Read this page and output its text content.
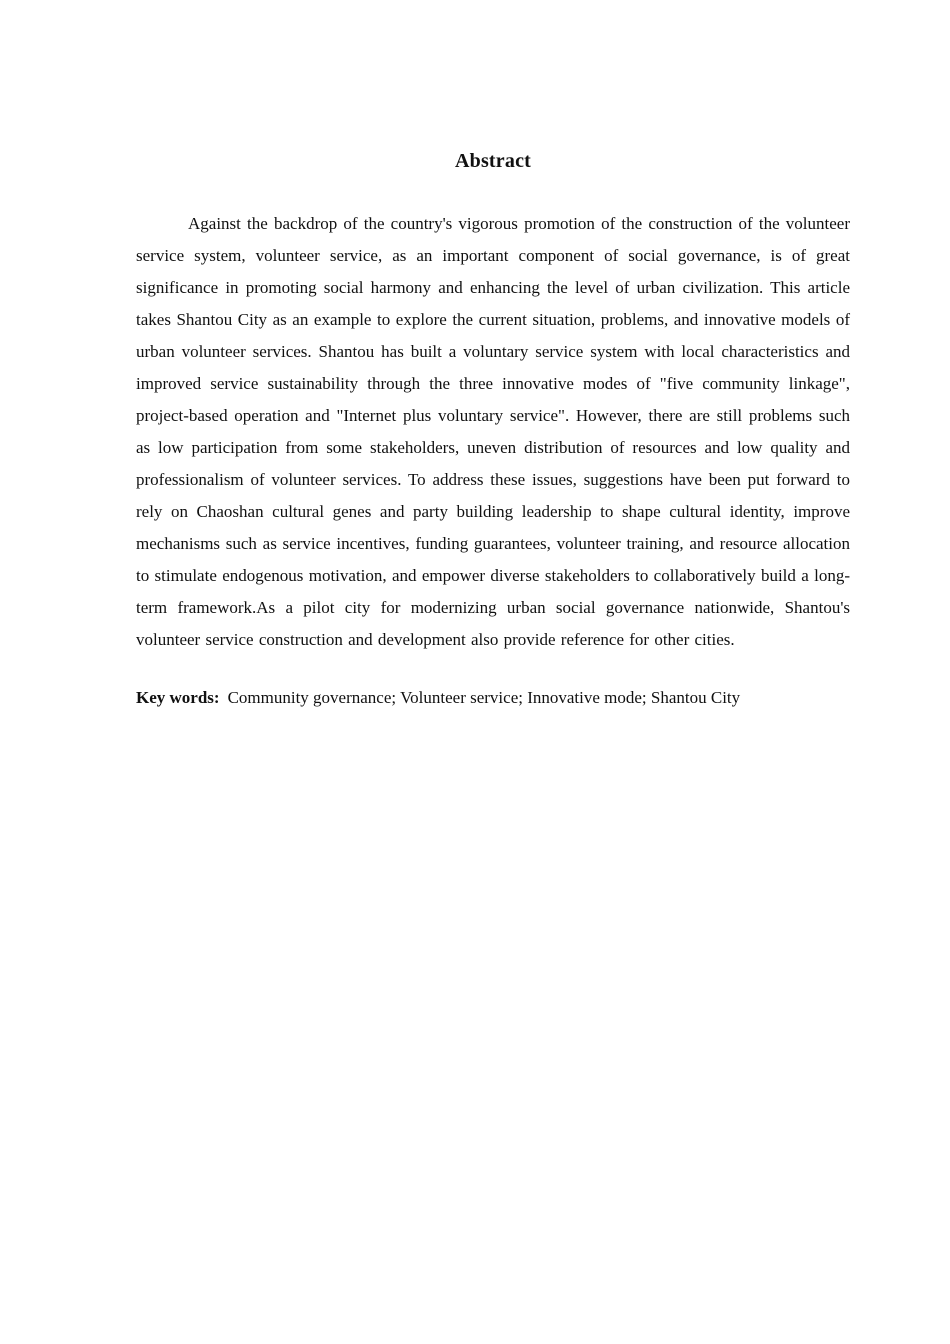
Abstract

Against the backdrop of the country's vigorous promotion of the construction of the volunteer service system, volunteer service, as an important component of social governance, is of great significance in promoting social harmony and enhancing the level of urban civilization. This article takes Shantou City as an example to explore the current situation, problems, and innovative models of urban volunteer services. Shantou has built a voluntary service system with local characteristics and improved service sustainability through the three innovative modes of "five community linkage", project-based operation and "Internet plus voluntary service". However, there are still problems such as low participation from some stakeholders, uneven distribution of resources and low quality and professionalism of volunteer services. To address these issues, suggestions have been put forward to rely on Chaoshan cultural genes and party building leadership to shape cultural identity, improve mechanisms such as service incentives, funding guarantees, volunteer training, and resource allocation to stimulate endogenous motivation, and empower diverse stakeholders to collaboratively build a long-term framework.As a pilot city for modernizing urban social governance nationwide, Shantou's volunteer service construction and development also provide reference for other cities.

Key words: Community governance; Volunteer service; Innovative mode; Shantou City
